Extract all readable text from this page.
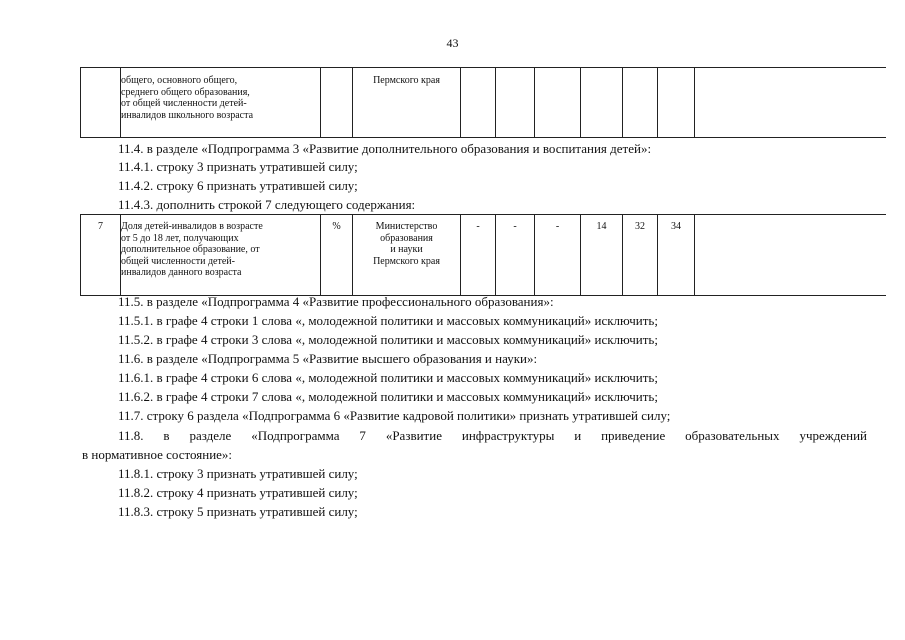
43
	общего, основного общего,
среднего общего образования,
от общей численности детей-
инвалидов школьного возраста		Пермского края							
11.4. в разделе «Подпрограмма 3 «Развитие дополнительного образования и воспитания детей»:
11.4.1. строку 3 признать утратившей силу;
11.4.2. строку 6 признать утратившей силу;
11.4.3. дополнить строкой 7 следующего содержания:
7	Доля детей-инвалидов в возрасте
от 5 до 18 лет, получающих
дополнительное образование, от
общей численности детей-
инвалидов данного возраста	%	Министерство
образования
и науки
Пермского края	-	-	-	14	32	34	
11.5. в разделе «Подпрограмма 4 «Развитие профессионального образования»:
11.5.1. в графе 4 строки 1 слова «, молодежной политики и массовых коммуникаций» исключить;
11.5.2. в графе 4 строки 3 слова «, молодежной политики и массовых коммуникаций» исключить;
11.6. в разделе «Подпрограмма 5 «Развитие высшего образования и науки»:
11.6.1. в графе 4 строки 6 слова «, молодежной политики и массовых коммуникаций» исключить;
11.6.2. в графе 4 строки 7 слова «, молодежной политики и массовых коммуникаций» исключить;
11.7. строку 6 раздела «Подпрограмма 6 «Развитие кадровой политики» признать утратившей силу;
11.8. в разделе «Подпрограмма 7 «Развитие инфраструктуры и приведение образовательных учреждений
в нормативное состояние»:
11.8.1. строку 3 признать утратившей силу;
11.8.2. строку 4 признать утратившей силу;
11.8.3. строку 5 признать утратившей силу;
